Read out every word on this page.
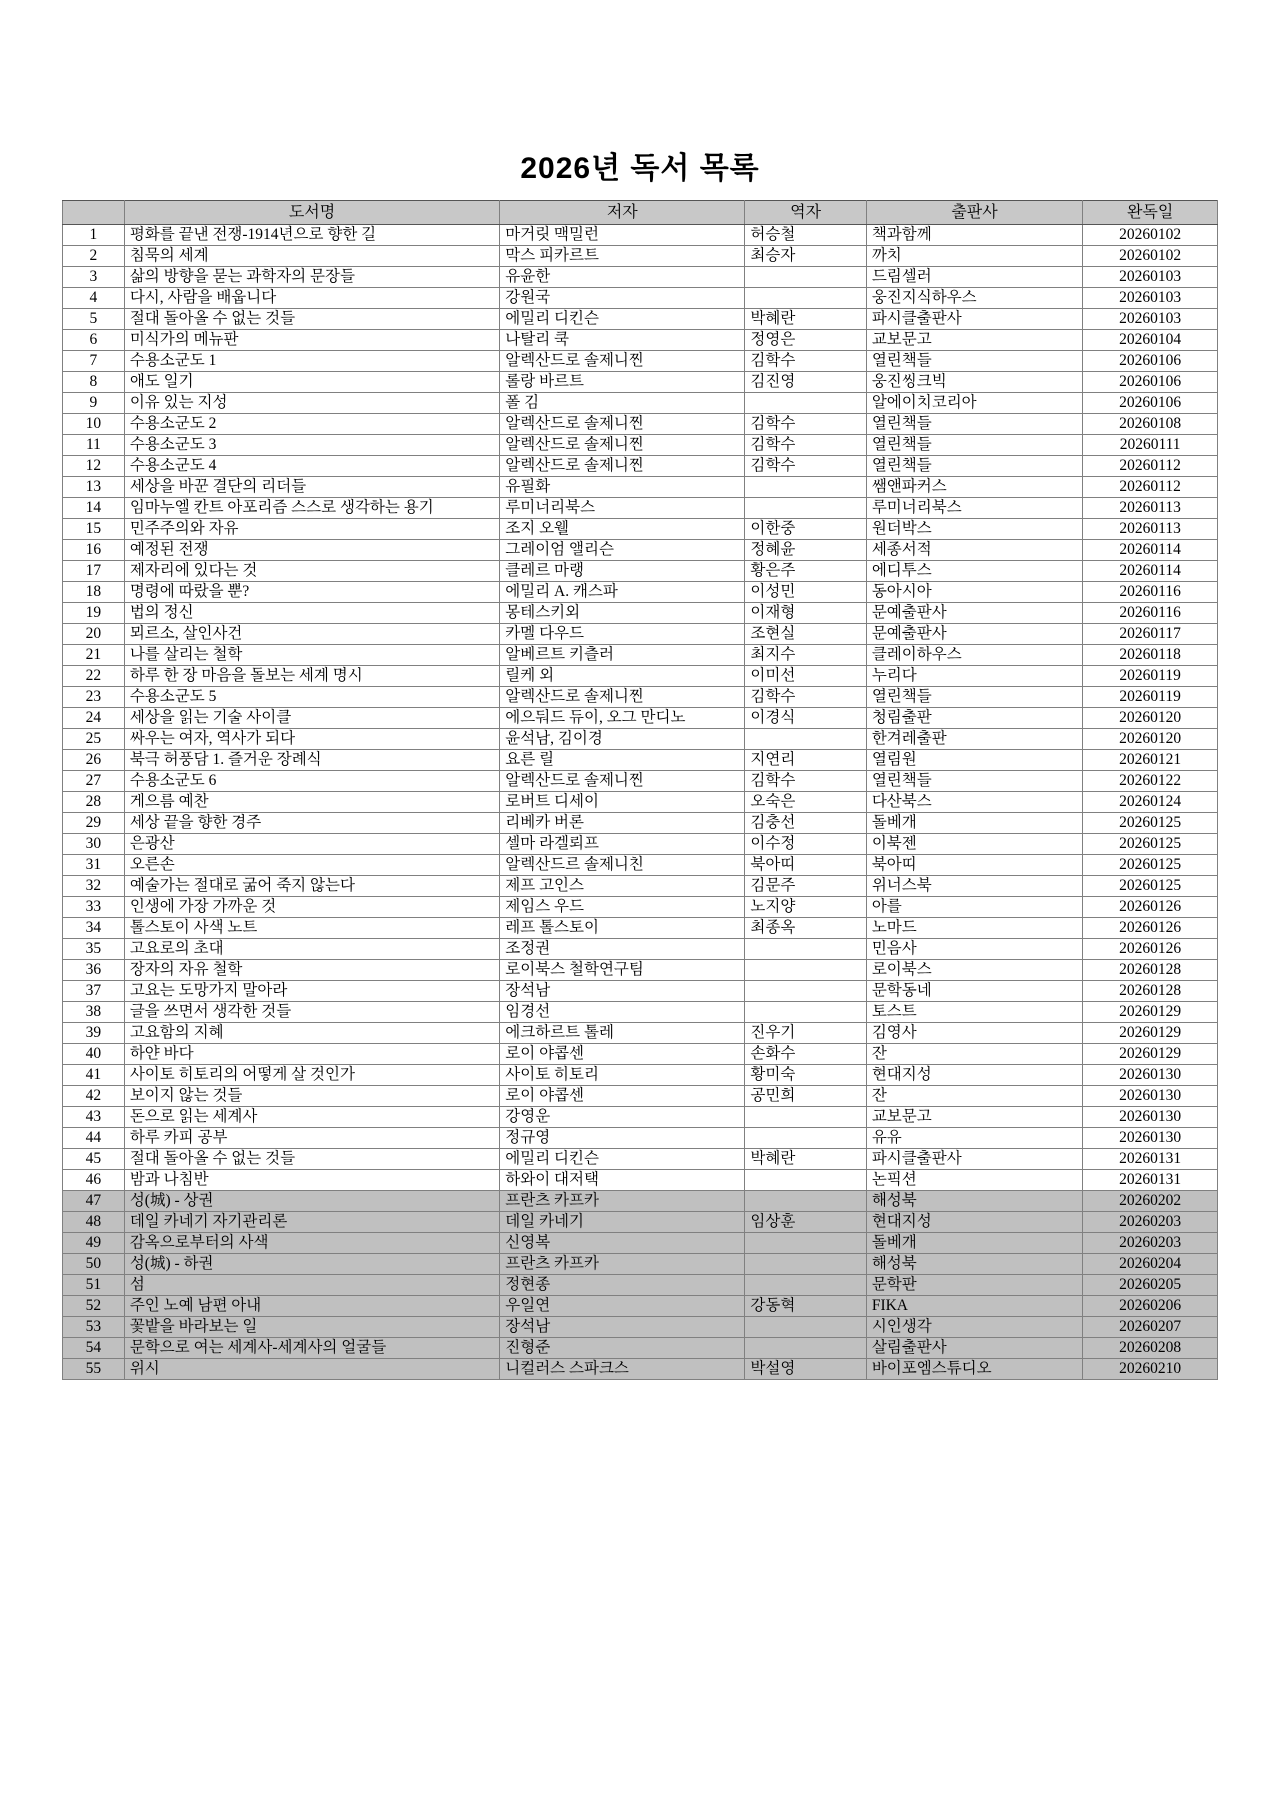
2026년 독서 목록
	도서명	저자	역자	출판사	완독일
1	평화를 끝낸 전쟁-1914년으로 향한 길	마거릿 맥밀런	허승철	책과함께	20260102
2	침묵의 세계	막스 피카르트	최승자	까치	20260102
3	삶의 방향을 묻는 과학자의 문장들	유윤한		드림셀러	20260103
4	다시, 사람을 배웁니다	강원국		웅진지식하우스	20260103
5	절대 돌아올 수 없는 것들	에밀리 디킨슨	박혜란	파시클출판사	20260103
6	미식가의 메뉴판	나탈리 쿡	정영은	교보문고	20260104
7	수용소군도 1	알렉산드로 솔제니찐	김학수	열린책들	20260106
8	애도 일기	롤랑 바르트	김진영	웅진씽크빅	20260106
9	이유 있는 지성	폴 김		알에이치코리아	20260106
10	수용소군도 2	알렉산드로 솔제니찐	김학수	열린책들	20260108
11	수용소군도 3	알렉산드로 솔제니찐	김학수	열린책들	20260111
12	수용소군도 4	알렉산드로 솔제니찐	김학수	열린책들	20260112
13	세상을 바꾼 결단의 리더들	유필화		쌤앤파커스	20260112
14	임마누엘 칸트 아포리즘 스스로 생각하는 용기	루미너리북스		루미너리북스	20260113
15	민주주의와 자유	조지 오웰	이한중	원더박스	20260113
16	예정된 전쟁	그레이엄 앨리슨	정혜윤	세종서적	20260114
17	제자리에 있다는 것	클레르 마랭	황은주	에디투스	20260114
18	명령에 따랐을 뿐?	에밀리 A. 캐스파	이성민	동아시아	20260116
19	법의 정신	몽테스키외	이재형	문예출판사	20260116
20	뫼르소, 살인사건	카멜 다우드	조현실	문예출판사	20260117
21	나를 살리는 철학	알베르트 키츨러	최지수	클레이하우스	20260118
22	하루 한 장 마음을 돌보는 세계 명시	릴케 외	이미선	누리다	20260119
23	수용소군도 5	알렉산드로 솔제니찐	김학수	열린책들	20260119
24	세상을 읽는 기술 사이클	에으둬드 듀이, 오그 만디노	이경식	청림출판	20260120
25	싸우는 여자, 역사가 되다	윤석남, 김이경		한겨레출판	20260120
26	북극 허풍담 1. 즐거운 장례식	요른 릴	지연리	열림원	20260121
27	수용소군도 6	알렉산드로 솔제니찐	김학수	열린책들	20260122
28	게으름 예찬	로버트 디세이	오숙은	다산북스	20260124
29	세상 끝을 향한 경주	리베카 버론	김충선	돌베개	20260125
30	은광산	셀마 라겔뢰프	이수정	이북젠	20260125
31	오른손	알렉산드르 솔제니친	북아띠	북아띠	20260125
32	예술가는 절대로 굶어 죽지 않는다	제프 고인스	김문주	위너스북	20260125
33	인생에 가장 가까운 것	제임스 우드	노지양	아를	20260126
34	톨스토이 사색 노트	레프 톨스토이	최종옥	노마드	20260126
35	고요로의 초대	조정권		민음사	20260126
36	장자의 자유 철학	로이북스 철학연구팀		로이북스	20260128
37	고요는 도망가지 말아라	장석남		문학동네	20260128
38	글을 쓰면서 생각한 것들	임경선		토스트	20260129
39	고요함의 지혜	에크하르트 톨레	진우기	김영사	20260129
40	하얀 바다	로이 야콥센	손화수	잔	20260129
41	사이토 히토리의 어떻게 살 것인가	사이토 히토리	황미숙	현대지성	20260130
42	보이지 않는 것들	로이 야콥센	공민희	잔	20260130
43	돈으로 읽는 세계사	강영운		교보문고	20260130
44	하루 카피 공부	정규영		유유	20260130
45	절대 돌아올 수 없는 것들	에밀리 디킨슨	박혜란	파시클출판사	20260131
46	밤과 나침반	하와이 대저택		논픽션	20260131
47	성(城) - 상권	프란츠 카프카		해성북	20260202
48	데일 카네기 자기관리론	데일 카네기	임상훈	현대지성	20260203
49	감옥으로부터의 사색	신영복		돌베개	20260203
50	성(城) - 하권	프란츠 카프카		해성북	20260204
51	섬	정현종		문학판	20260205
52	주인 노예 남편 아내	우일연	강동혁	FIKA	20260206
53	꽃밭을 바라보는 일	장석남		시인생각	20260207
54	문학으로 여는 세계사-세계사의 얼굴들	진형준		살림출판사	20260208
55	위시	니컬러스 스파크스	박설영	바이포엠스튜디오	20260210
